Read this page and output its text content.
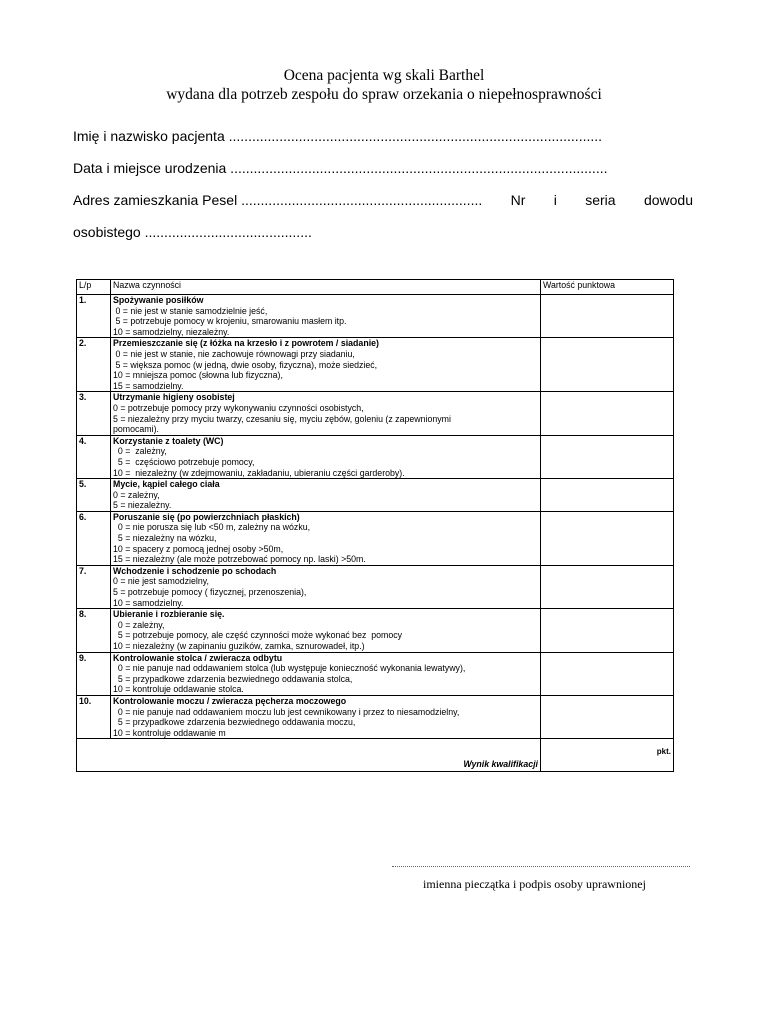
Ocena pacjenta wg skali Barthel
wydana dla potrzeb zespołu do spraw orzekania o niepełnosprawności
Imię i nazwisko pacjenta ................................................................................................
Data i miejsce urodzenia .................................................................................................
Adres zamieszkania Pesel .............................................................. Nr i seria dowodu
osobistego ...........................................
L/p	Nazwa czynności	Wartość punktowa
1.	Spożywanie posiłków
0 = nie jest w stanie samodzielnie jeść,
5 = potrzebuje pomocy w krojeniu, smarowaniu masłem itp.
10 = samodzielny, niezależny.	

2.	Przemieszczanie się (z łóżka na krzesło i z powrotem / siadanie)
0 = nie jest w stanie, nie zachowuje równowagi przy siadaniu,
5 = większa pomoc (w jedną, dwie osoby, fizyczna), może siedzieć,
10 = mniejsza pomoc (słowna lub fizyczna),
15 = samodzielny.	

3.	Utrzymanie higieny osobistej
0 = potrzebuje pomocy przy wykonywaniu czynności osobistych,
5 = niezależny przy myciu twarzy, czesaniu się, myciu zębów, goleniu (z zapewnionymi
pomocami).	

4.	Korzystanie z toalety (WC)
0 =  zależny,
5 =  częściowo potrzebuje pomocy,
10 =  niezależny (w zdejmowaniu, zakładaniu, ubieraniu części garderoby).	

5.	Mycie, kąpiel całego ciała
0 = zależny,
5 = niezależny.	

6.	Poruszanie się (po powierzchniach płaskich)
0 = nie porusza się lub <50 m, zależny na wózku,
5 = niezależny na wózku,
10 = spacery z pomocą jednej osoby >50m,
15 = niezależny (ale może potrzebować pomocy np. laski) >50m.	

7.	Wchodzenie i schodzenie po schodach
0 = nie jest samodzielny,
5 = potrzebuje pomocy ( fizycznej, przenoszenia),
10 = samodzielny.	

8.	Ubieranie i rozbieranie się.
0 = zależny,
5 = potrzebuje pomocy, ale część czynności może wykonać bez  pomocy
10 = niezależny (w zapinaniu guzików, zamka, sznurowadeł, itp.)	

9.	Kontrolowanie stolca / zwieracza odbytu
0 = nie panuje nad oddawaniem stolca (lub występuje konieczność wykonania lewatywy),
5 = przypadkowe zdarzenia bezwiednego oddawania stolca,
10 = kontroluje oddawanie stolca.	

10.	Kontrolowanie moczu / zwieracza pęcherza moczowego
0 = nie panuje nad oddawaniem moczu lub jest cewnikowany i przez to niesamodzielny,
5 = przypadkowe zdarzenia bezwiednego oddawania moczu,
10 = kontroluje oddawanie m	

Wynik kwalifikacji		pkt.
imienna pieczątka i podpis osoby uprawnionej
